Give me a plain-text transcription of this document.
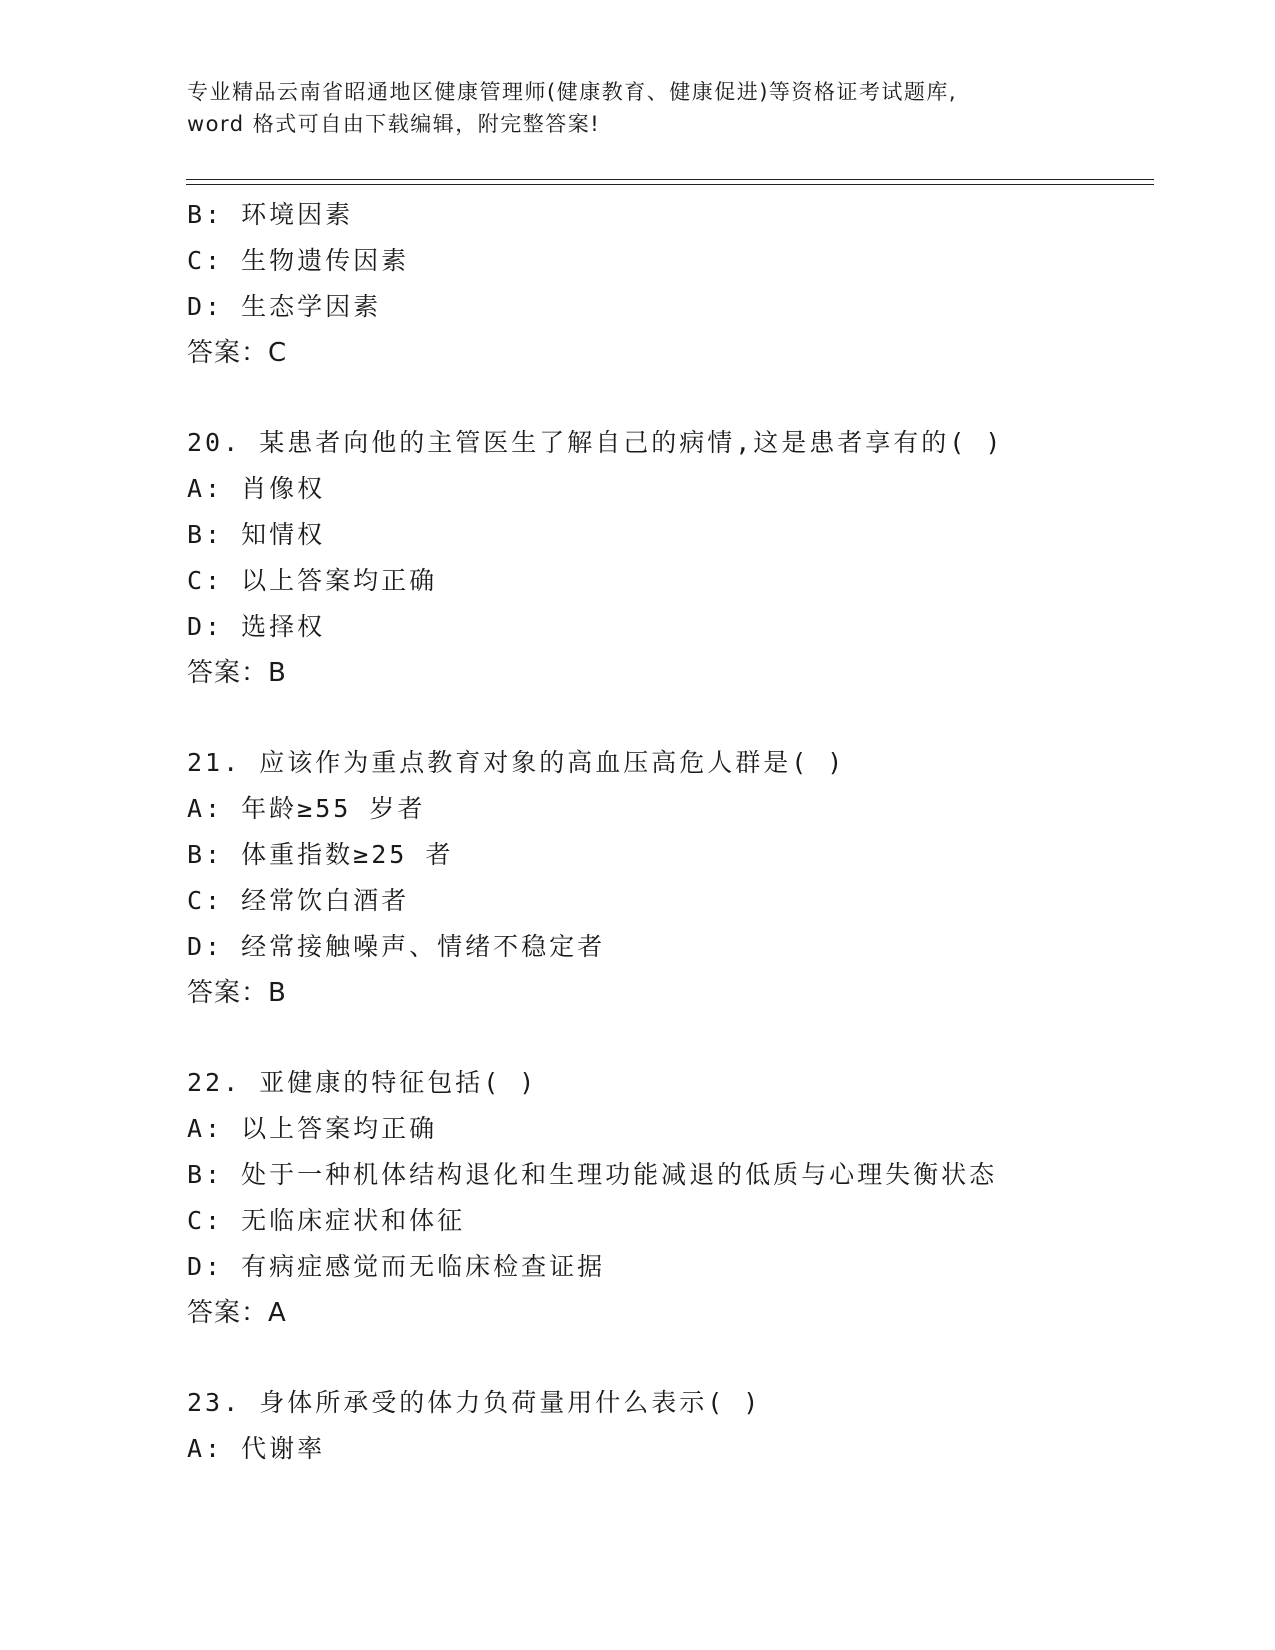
专业精品云南省昭通地区健康管理师(健康教育、健康促进)等资格证考试题库,
word 格式可自由下载编辑，附完整答案!
B: 环境因素
C: 生物遗传因素
D: 生态学因素
答案：C
20. 某患者向他的主管医生了解自己的病情,这是患者享有的( )
A: 肖像权
B: 知情权
C: 以上答案均正确
D: 选择权
答案：B
21. 应该作为重点教育对象的高血压高危人群是( )
A: 年龄≥55 岁者
B: 体重指数≥25 者
C: 经常饮白酒者
D: 经常接触噪声、情绪不稳定者
答案：B
22. 亚健康的特征包括( )
A: 以上答案均正确
B: 处于一种机体结构退化和生理功能减退的低质与心理失衡状态
C: 无临床症状和体征
D: 有病症感觉而无临床检查证据
答案：A
23. 身体所承受的体力负荷量用什么表示( )
A: 代谢率
